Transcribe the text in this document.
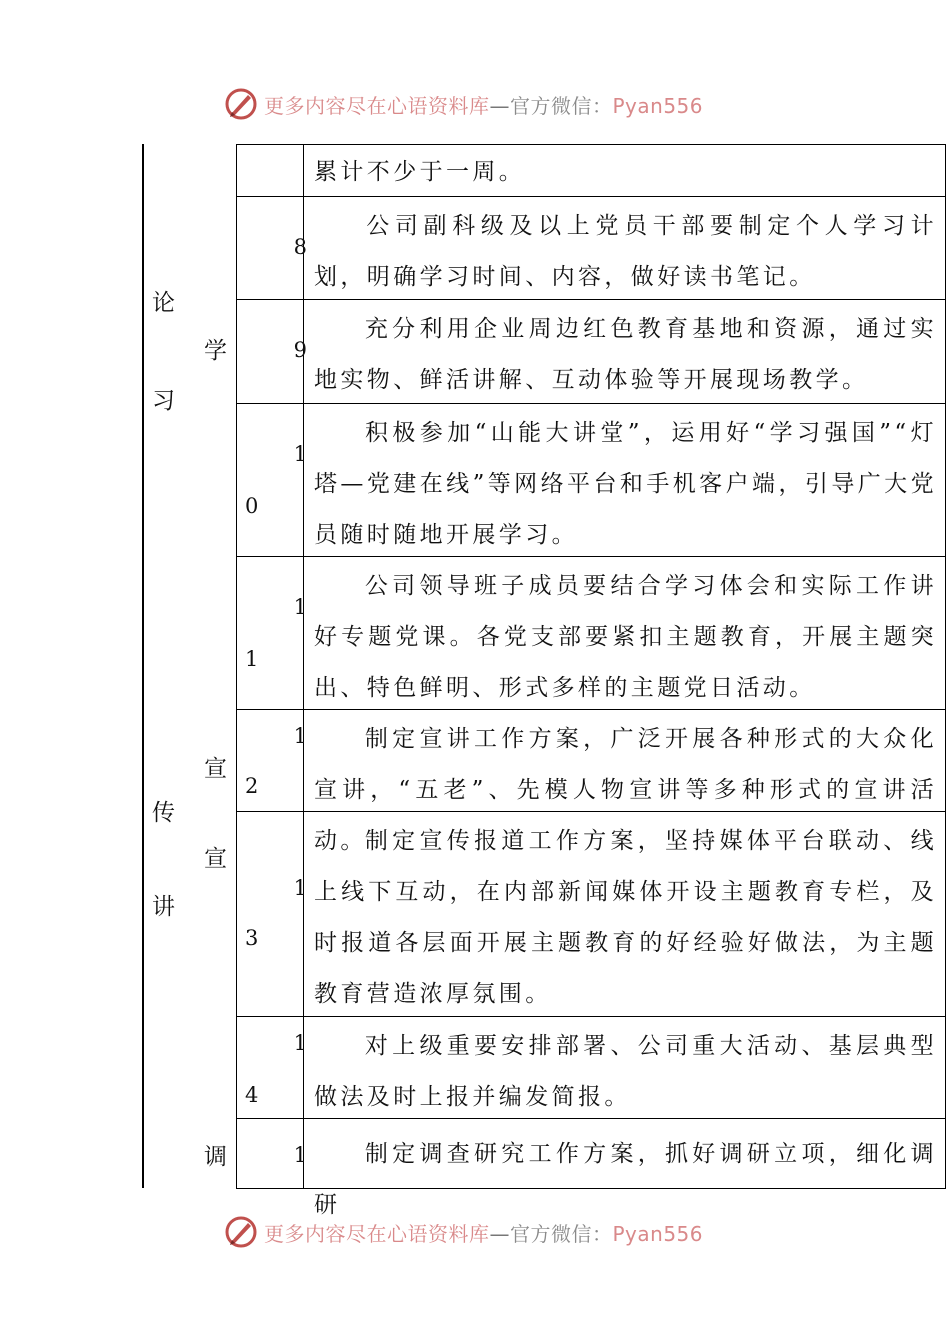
更多内容尽在心语资料库—官方微信：Pyan556
论
习
传
讲
学
宣
宣
调
累计不少于一周。
8
公司副科级及以上党员干部要制定个人学习计划，明确学习时间、内容，做好读书笔记。
9
充分利用企业周边红色教育基地和资源，通过实地实物、鲜活讲解、互动体验等开展现场教学。
1
0
积极参加“山能大讲堂”，运用好“学习强国”“灯塔—党建在线”等网络平台和手机客户端，引导广大党员随时随地开展学习。
1
1
公司领导班子成员要结合学习体会和实际工作讲好专题党课。各党支部要紧扣主题教育，开展主题突出、特色鲜明、形式多样的主题党日活动。
1
2
制定宣讲工作方案，广泛开展各种形式的大众化宣讲，“五老”、先模人物宣讲等多种形式的宣讲活动。
1
3
制定宣传报道工作方案，坚持媒体平台联动、线上线下互动，在内部新闻媒体开设主题教育专栏，及时报道各层面开展主题教育的好经验好做法，为主题教育营造浓厚氛围。
1
4
对上级重要安排部署、公司重大活动、基层典型做法及时上报并编发简报。
1	制定调查研究工作方案，抓好调研立项，细化调研
更多内容尽在心语资料库—官方微信：Pyan556
